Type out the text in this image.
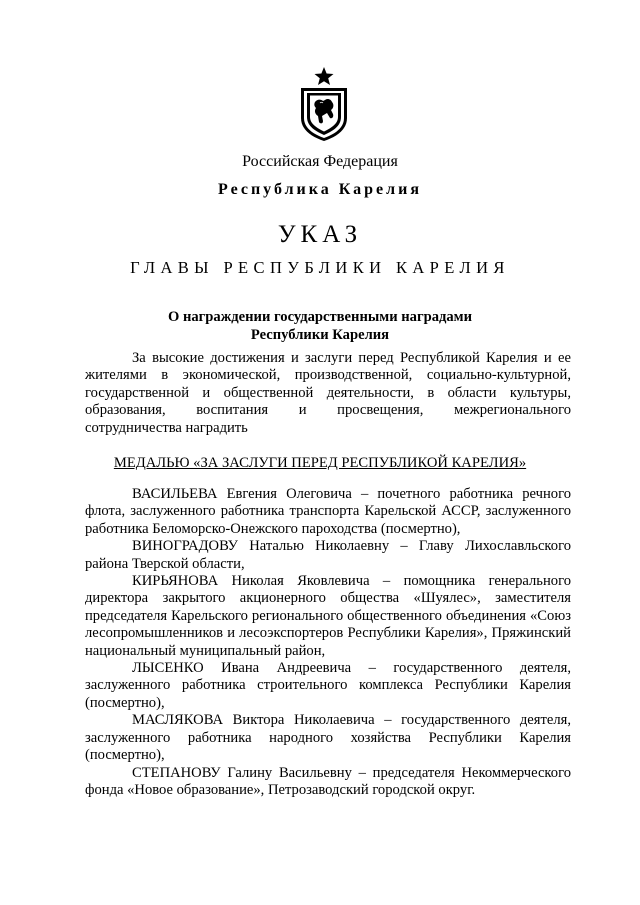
Российская Федерация
Республика Карелия
УКАЗ
ГЛАВЫ РЕСПУБЛИКИ КАРЕЛИЯ
О награждении государственными наградами
Республики Карелия
За высокие достижения и заслуги перед Республикой Карелия и ее
жителями в экономической, производственной, социально-культурной,
государственной и общественной деятельности, в области культуры,
образования, воспитания и просвещения, межрегионального
сотрудничества наградить
МЕДАЛЬЮ «ЗА ЗАСЛУГИ ПЕРЕД РЕСПУБЛИКОЙ КАРЕЛИЯ»

ВАСИЛЬЕВА Евгения Олеговича – почетного работника речного флота, заслуженного работника транспорта Карельской АССР, заслуженного работника Беломорско-Онежского пароходства (посмертно),

ВИНОГРАДОВУ Наталью Николаевну – Главу Лихославльского района Тверской области,

КИРЬЯНОВА Николая Яковлевича – помощника генерального директора закрытого акционерного общества «Шуялес», заместителя председателя Карельского регионального общественного объединения «Союз лесопромышленников и лесоэкспортеров Республики Карелия», Пряжинский национальный муниципальный район,

ЛЫСЕНКО Ивана Андреевича – государственного деятеля, заслуженного работника строительного комплекса Республики Карелия (посмертно),

МАСЛЯКОВА Виктора Николаевича – государственного деятеля, заслуженного работника народного хозяйства Республики Карелия (посмертно),

СТЕПАНОВУ Галину Васильевну – председателя Некоммерческого фонда «Новое образование», Петрозаводский городской округ.
